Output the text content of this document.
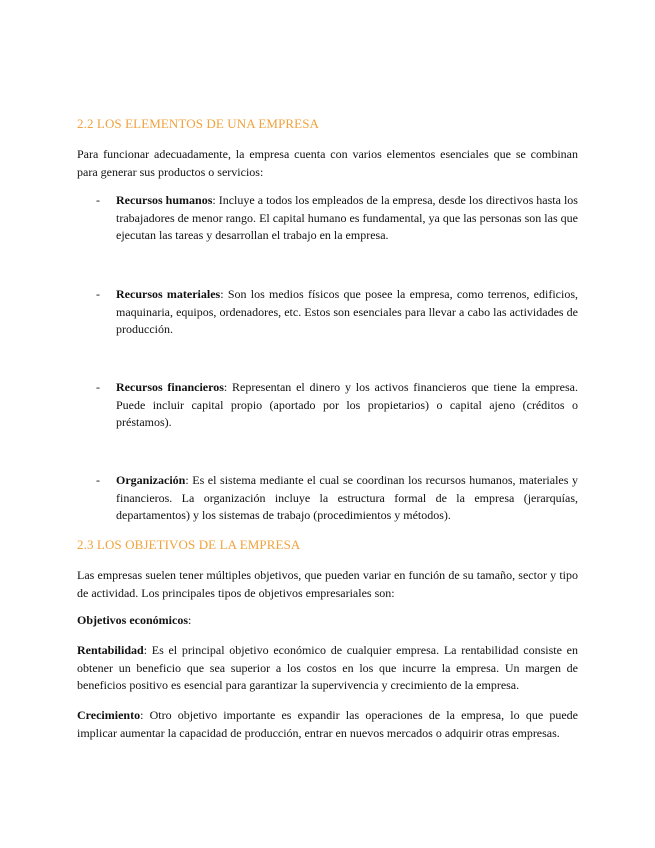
2.2 LOS ELEMENTOS DE UNA EMPRESA

Para funcionar adecuadamente, la empresa cuenta con varios elementos esenciales que se combinan para generar sus productos o servicios:

- Recursos humanos: Incluye a todos los empleados de la empresa, desde los directivos hasta los trabajadores de menor rango. El capital humano es fundamental, ya que las personas son las que ejecutan las tareas y desarrollan el trabajo en la empresa.

- Recursos materiales: Son los medios físicos que posee la empresa, como terrenos, edificios, maquinaria, equipos, ordenadores, etc. Estos son esenciales para llevar a cabo las actividades de producción.

- Recursos financieros: Representan el dinero y los activos financieros que tiene la empresa. Puede incluir capital propio (aportado por los propietarios) o capital ajeno (créditos o préstamos).

- Organización: Es el sistema mediante el cual se coordinan los recursos humanos, materiales y financieros. La organización incluye la estructura formal de la empresa (jerarquías, departamentos) y los sistemas de trabajo (procedimientos y métodos).

2.3 LOS OBJETIVOS DE LA EMPRESA

Las empresas suelen tener múltiples objetivos, que pueden variar en función de su tamaño, sector y tipo de actividad. Los principales tipos de objetivos empresariales son:

Objetivos económicos:

Rentabilidad: Es el principal objetivo económico de cualquier empresa. La rentabilidad consiste en obtener un beneficio que sea superior a los costos en los que incurre la empresa. Un margen de beneficios positivo es esencial para garantizar la supervivencia y crecimiento de la empresa.

Crecimiento: Otro objetivo importante es expandir las operaciones de la empresa, lo que puede implicar aumentar la capacidad de producción, entrar en nuevos mercados o adquirir otras empresas.
